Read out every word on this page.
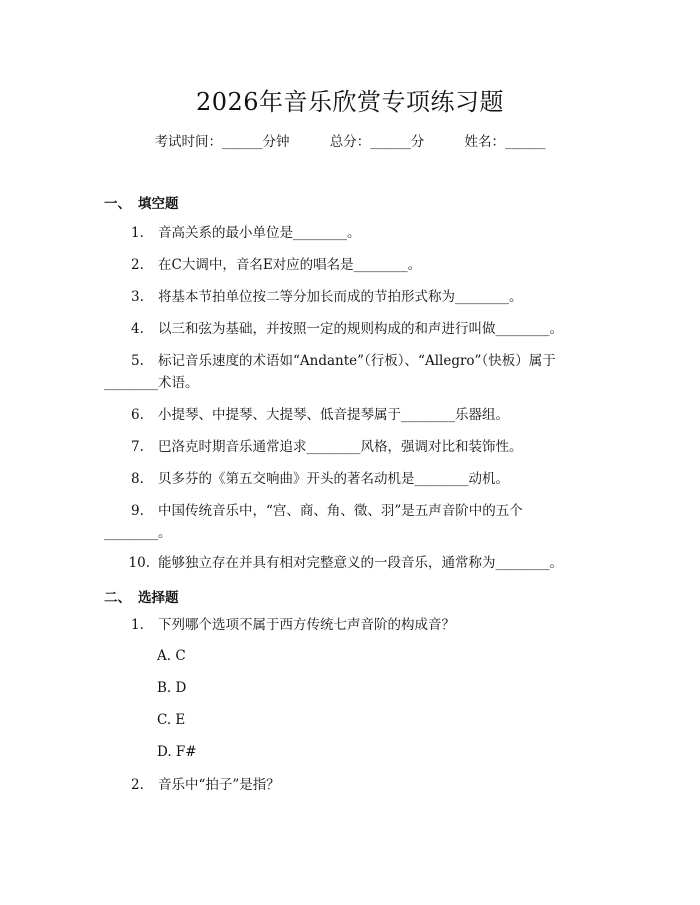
2026年音乐欣赏专项练习题
考试时间：______分钟	总分：______分	姓名：______
一、 填空题
1.	音高关系的最小单位是________。
2.	在C大调中，音名E对应的唱名是________。
3.	将基本节拍单位按二等分加长而成的节拍形式称为________。
4.	以三和弦为基础，并按照一定的规则构成的和声进行叫做________。
5.	标记音乐速度的术语如“Andante”（行板）、“Allegro”（快板）属于
________术语。
6.	小提琴、中提琴、大提琴、低音提琴属于________乐器组。
7.	巴洛克时期音乐通常追求________风格，强调对比和装饰性。
8.	贝多芬的《第五交响曲》开头的著名动机是________动机。
9.	中国传统音乐中，“宫、商、角、徵、羽”是五声音阶中的五个
________。
10. 能够独立存在并具有相对完整意义的一段音乐，通常称为________。
二、 选择题
1.	下列哪个选项不属于西方传统七声音阶的构成音？
A. C
B. D
C. E
D. F#
2.	音乐中“拍子”是指？
